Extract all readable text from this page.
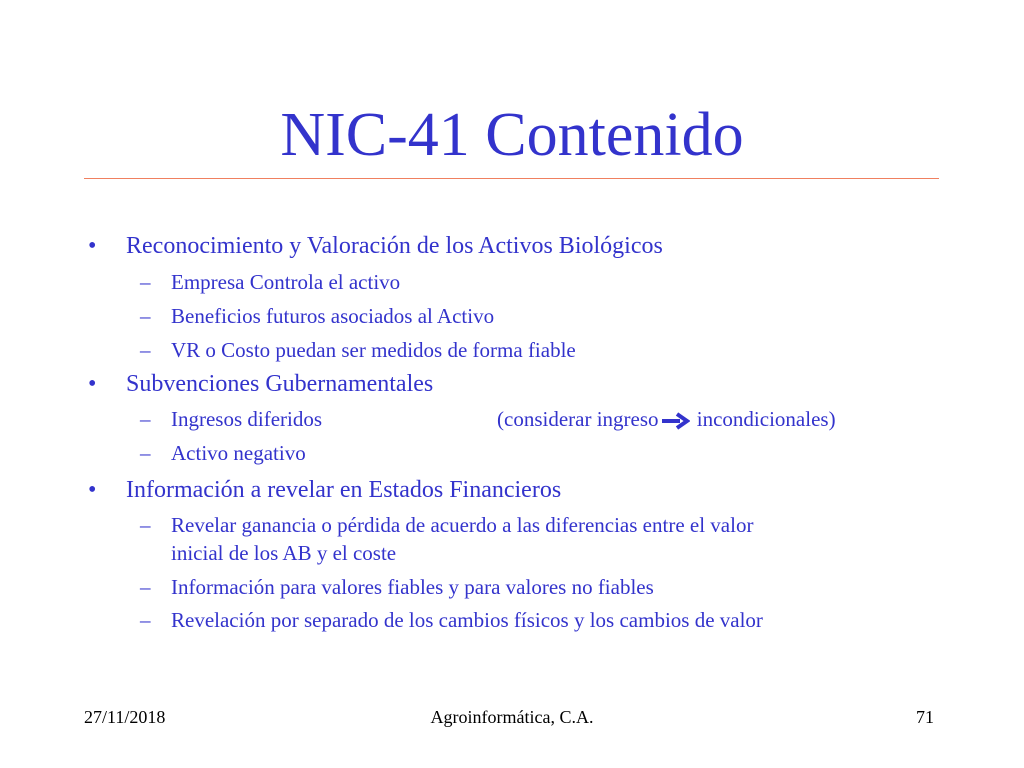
NIC-41 Contenido
•	Reconocimiento y Valoración de los Activos Biológicos
– Empresa Controla el activo
– Beneficios futuros asociados al Activo
– VR o Costo puedan ser medidos de forma fiable
•	Subvenciones Gubernamentales
– Ingresos diferidos	(considerar ingreso incondicionales)
– Activo negativo
•	Información a revelar en Estados Financieros
– Revelar ganancia o pérdida de acuerdo a las diferencias entre el valor
inicial de los AB y el coste
– Información para valores fiables y para valores no fiables
– Revelación por separado de los cambios físicos y los cambios de valor
27/11/2018	Agroinformática, C.A.	71
